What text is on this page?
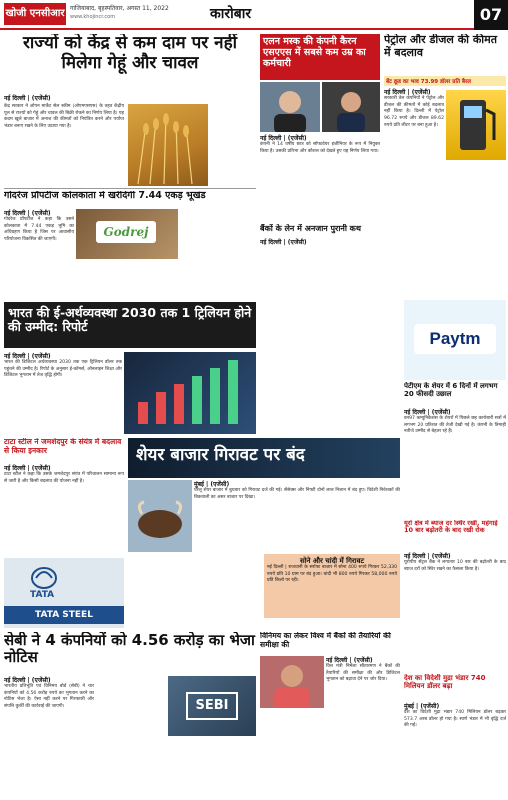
खोजी एनसीआर गाजियाबाद, बृहस्पतिवार, अगस्त 11, 2022
www.khojincr.com	कारोबार	07
राज्यों को केंद्र से कम दाम पर नहीं मिलेगा गेहूं और चावल
नई दिल्ली | (एजेंसी)
केंद्र सरकार ने ओपन मार्केट सेल स्कीम (ओएमएसएस) के तहत केंद्रीय पूल से राज्यों को गेहूं और चावल की बिक्री रोकने का निर्णय लिया है। यह कदम खुले बाजार में अनाज की कीमतों को नियंत्रित करने और पर्याप्त भंडार बनाए रखने के लिए उठाया गया है।
गोदरेज प्रॉपर्टीज कोलकाता में खरीदेगी 7.44 एकड़ भूखंड
नई दिल्ली | (एजेंसी)
गोदरेज प्रॉपर्टीज ने कहा कि उसने कोलकाता में 7.44 एकड़ भूमि का अधिग्रहण किया है जिस पर आवासीय परियोजना विकसित की जाएगी।
Godrej
एलन मस्क की कंपनी कैरन एसएएस में सबसे कम उम्र का कर्मचारी
नई दिल्ली | (एजेंसी)
कंपनी ने 14 वर्षीय छात्र को सॉफ्टवेयर इंजीनियर के रूप में नियुक्त किया है। उसकी प्रतिभा और कौशल को देखते हुए यह निर्णय लिया गया।
पेट्रोल और डीजल की कीमत में बदलाव
बेंट क्रूड का भाव 73.99 डॉलर प्रति बैरल
नई दिल्ली | (एजेंसी)
सरकारी तेल कंपनियों ने पेट्रोल और डीजल की कीमतों में कोई बदलाव नहीं किया है। दिल्ली में पेट्रोल 96.72 रुपये और डीजल 89.62 रुपये प्रति लीटर पर बना हुआ है।
बैंकों के लेन में अनजान पुरानी कथ
नई दिल्ली | (एजेंसी)
Paytm
पेटीएम के शेयर में 6 दिनों में लगभग 20 फीसदी उछाल
नई दिल्ली | (एजेंसी)
वन97 कम्युनिकेशंस के शेयरों में पिछले छह कारोबारी सत्रों में लगभग 20 प्रतिशत की तेजी देखी गई है। कंपनी के तिमाही नतीजे उम्मीद से बेहतर रहे हैं।
भारत की ई-अर्थव्यवस्था 2030 तक 1 ट्रिलियन होने की उम्मीद: रिपोर्ट
नई दिल्ली | (एजेंसी)
भारत की डिजिटल अर्थव्यवस्था 2030 तक एक ट्रिलियन डॉलर तक पहुंचने की उम्मीद है। रिपोर्ट के अनुसार ई-कॉमर्स, ऑनलाइन शिक्षा और डिजिटल भुगतान में तेज वृद्धि होगी।
टाटा स्टील ने जमशेदपुर के संयंत्र में बदलाव से किया इनकार
नई दिल्ली | (एजेंसी)
टाटा स्टील ने कहा कि उसके जमशेदपुर संयंत्र में परिचालन सामान्य रूप से जारी है और किसी बदलाव की योजना नहीं है।
TATA
TATA STEEL
शेयर बाजार गिरावट पर बंद
मुंबई | (एजेंसी)
घरेलू शेयर बाजार में बुधवार को गिरावट दर्ज की गई। सेंसेक्स और निफ्टी दोनों लाल निशान में बंद हुए। विदेशी निवेशकों की बिकवाली का असर बाजार पर दिखा।
सोने और चांदी में गिरावट
नई दिल्ली | राजधानी के सर्राफा बाजार में सोना 400 रुपये गिरकर 52,330 रुपये प्रति 10 ग्राम पर बंद हुआ। चांदी भी 800 रुपये गिरकर 58,000 रुपये प्रति किलो पर रही।
यूरो क्षेत्र में ब्याज दर स्थिर रखीं, महंगाई 10 बार बढ़ोतरी के बाद रखी रोक
नई दिल्ली | (एजेंसी)
यूरोपीय सेंट्रल बैंक ने लगातार 10 बार की बढ़ोतरी के बाद ब्याज दरों को स्थिर रखने का फैसला किया है।
सेबी ने 4 कंपनियों को 4.56 करोड़ का भेजा नोटिस
नई दिल्ली | (एजेंसी)
भारतीय प्रतिभूति एवं विनिमय बोर्ड (सेबी) ने चार कंपनियों को 4.56 करोड़ रुपये का भुगतान करने का नोटिस भेजा है। ऐसा नहीं करने पर गिरफ्तारी और संपत्ति कुर्की की कार्रवाई की जाएगी।	SEBI
विनिमय का लेकर विश्व में बैंकों की तैयारियों की समीक्षा की
नई दिल्ली | (एजेंसी)
वित्त मंत्री निर्मला सीतारमण ने बैंकों की तैयारियों की समीक्षा की और डिजिटल भुगतान को बढ़ावा देने पर जोर दिया।	देश का विदेशी मुद्रा भंडार 740 मिलियन डॉलर बढ़ा
मुंबई | (एजेंसी)
देश का विदेशी मुद्रा भंडार 740 मिलियन डॉलर बढ़कर 573.7 अरब डॉलर हो गया है। स्वर्ण भंडार में भी वृद्धि दर्ज की गई।
